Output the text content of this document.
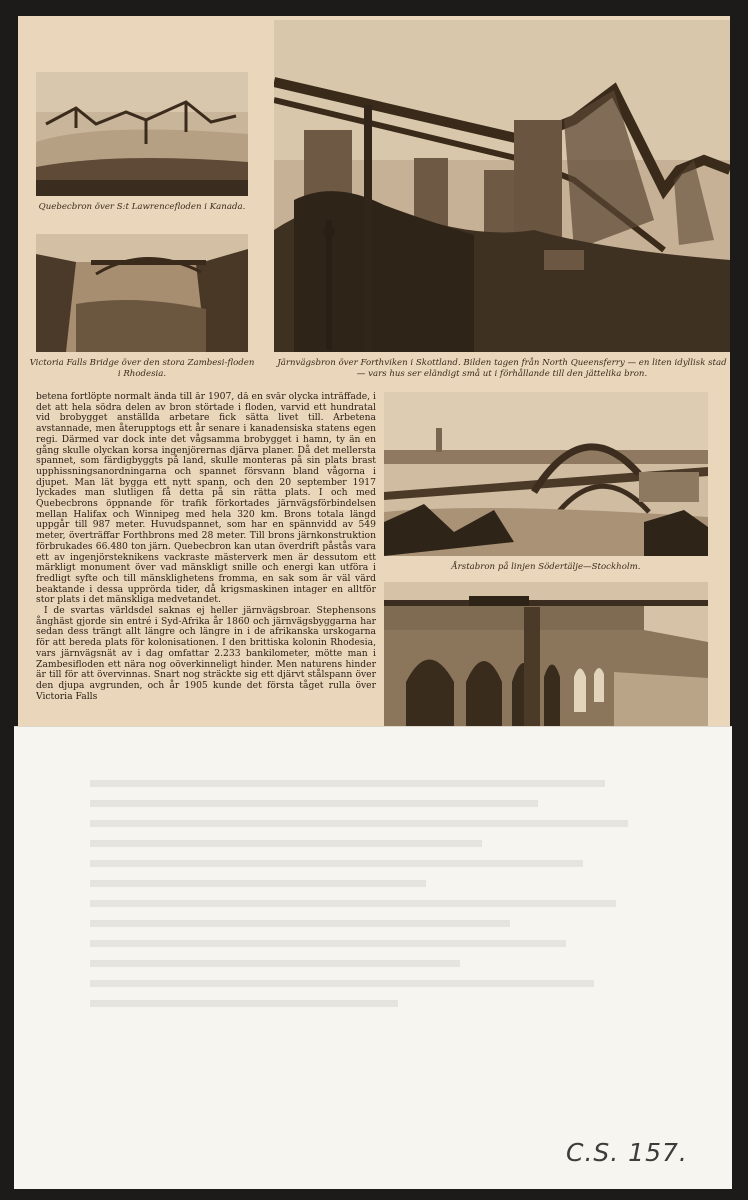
Quebecbron över S:t Lawrencefloden i Kanada.
Victoria Falls Bridge över den stora Zambesi-floden i Rhodesia.
Järnvägsbron över Forthviken i Skottland. Bilden tagen från North Queensferry — en liten idyllisk stad — vars hus ser eländigt små ut i förhållande till den jättelika bron.
Årstabron på linjen Södertälje—Stockholm.

betena fortlöpte normalt ända till år 1907, då en svår olycka inträffade, i det att hela södra delen av bron störtade i floden, varvid ett hundratal vid brobygget anställda arbetare fick sätta livet till. Arbetena avstannade, men återupptogs ett år senare i kanadensiska statens egen regi. Därmed var dock inte det vågsamma brobygget i hamn, ty än en gång skulle olyckan korsa ingenjörernas djärva planer. Då det mellersta spannet, som färdigbyggts på land, skulle monteras på sin plats brast upphissningsanordningarna och spannet försvann bland vågorna i djupet. Man lät bygga ett nytt spann, och den 20 september 1917 lyckades man slutligen få detta på sin rätta plats. I och med Quebecbrons öppnande för trafik förkortades järnvägsförbindelsen mellan Halifax och Winnipeg med hela 320 km. Brons totala längd uppgår till 987 meter. Huvudspannet, som har en spännvidd av 549 meter, överträffar Forthbrons med 28 meter. Till brons järnkonstruktion förbrukades 66.480 ton järn. Quebecbron kan utan överdrift påstås vara ett av ingenjörsteknikens vackraste mästerverk men är dessutom ett märkligt monument över vad mänskligt snille och energi kan utföra i fredligt syfte och till mänsklighetens fromma, en sak som är väl värd beaktande i dessa upprörda tider, då krigsmaskinen intager en alltför stor plats i det mänskliga medvetandet.

I de svartas världsdel saknas ej heller järnvägsbroar. Stephensons ånghäst gjorde sin entré i Syd-Afrika år 1860 och järnvägsbyggarna har sedan dess trängt allt längre och längre in i de afrikanska urskogarna för att bereda plats för kolonisationen. I den brittiska kolonin Rhodesia, vars järnvägsnät av i dag omfattar 2.233 bankilometer, mötte man i Zambesifloden ett nära nog oöverkinneligt hinder. Men naturens hinder är till för att övervinnas. Snart nog sträckte sig ett djärvt stålspann över den djupa avgrunden, och år 1905 kunde det första tåget rulla över Victoria Falls

C.S. 157.
